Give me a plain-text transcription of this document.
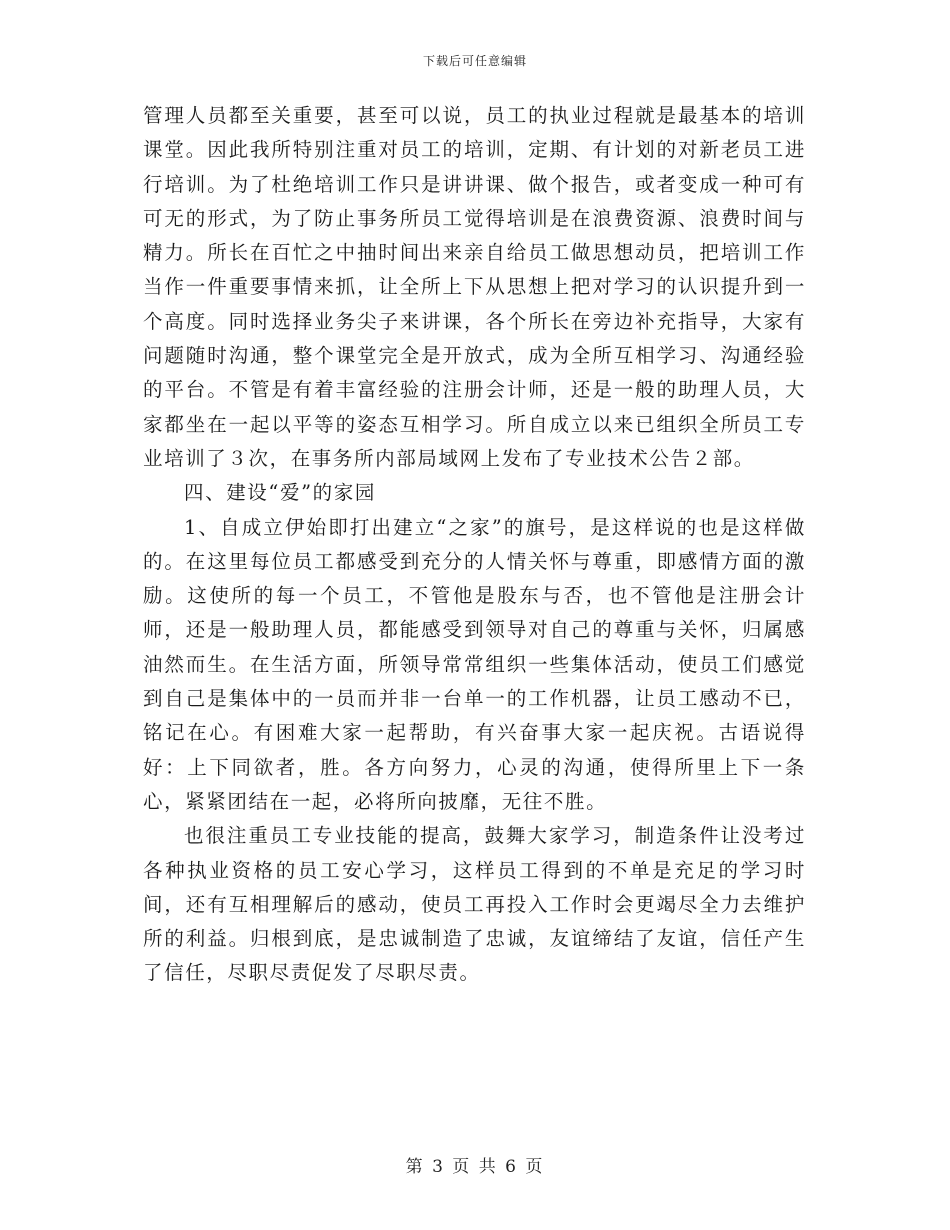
下载后可任意编辑

管理人员都至关重要，甚至可以说，员工的执业过程就是最基本的培训课堂。因此我所特别注重对员工的培训，定期、有计划的对新老员工进行培训。为了杜绝培训工作只是讲讲课、做个报告，或者变成一种可有可无的形式，为了防止事务所员工觉得培训是在浪费资源、浪费时间与精力。所长在百忙之中抽时间出来亲自给员工做思想动员，把培训工作当作一件重要事情来抓，让全所上下从思想上把对学习的认识提升到一个高度。同时选择业务尖子来讲课，各个所长在旁边补充指导，大家有问题随时沟通，整个课堂完全是开放式，成为全所互相学习、沟通经验的平台。不管是有着丰富经验的注册会计师，还是一般的助理人员，大家都坐在一起以平等的姿态互相学习。所自成立以来已组织全所员工专业培训了３次，在事务所内部局域网上发布了专业技术公告２部。

四、建设“爱”的家园

1、自成立伊始即打出建立“之家”的旗号，是这样说的也是这样做的。在这里每位员工都感受到充分的人情关怀与尊重，即感情方面的激励。这使所的每一个员工，不管他是股东与否，也不管他是注册会计师，还是一般助理人员，都能感受到领导对自己的尊重与关怀，归属感油然而生。在生活方面，所领导常常组织一些集体活动，使员工们感觉到自己是集体中的一员而并非一台单一的工作机器，让员工感动不已，铭记在心。有困难大家一起帮助，有兴奋事大家一起庆祝。古语说得好：上下同欲者，胜。各方向努力，心灵的沟通，使得所里上下一条心，紧紧团结在一起，必将所向披靡，无往不胜。

也很注重员工专业技能的提高，鼓舞大家学习，制造条件让没考过各种执业资格的员工安心学习，这样员工得到的不单是充足的学习时间，还有互相理解后的感动，使员工再投入工作时会更竭尽全力去维护所的利益。归根到底，是忠诚制造了忠诚，友谊缔结了友谊，信任产生了信任，尽职尽责促发了尽职尽责。

第 3 页 共 6 页
